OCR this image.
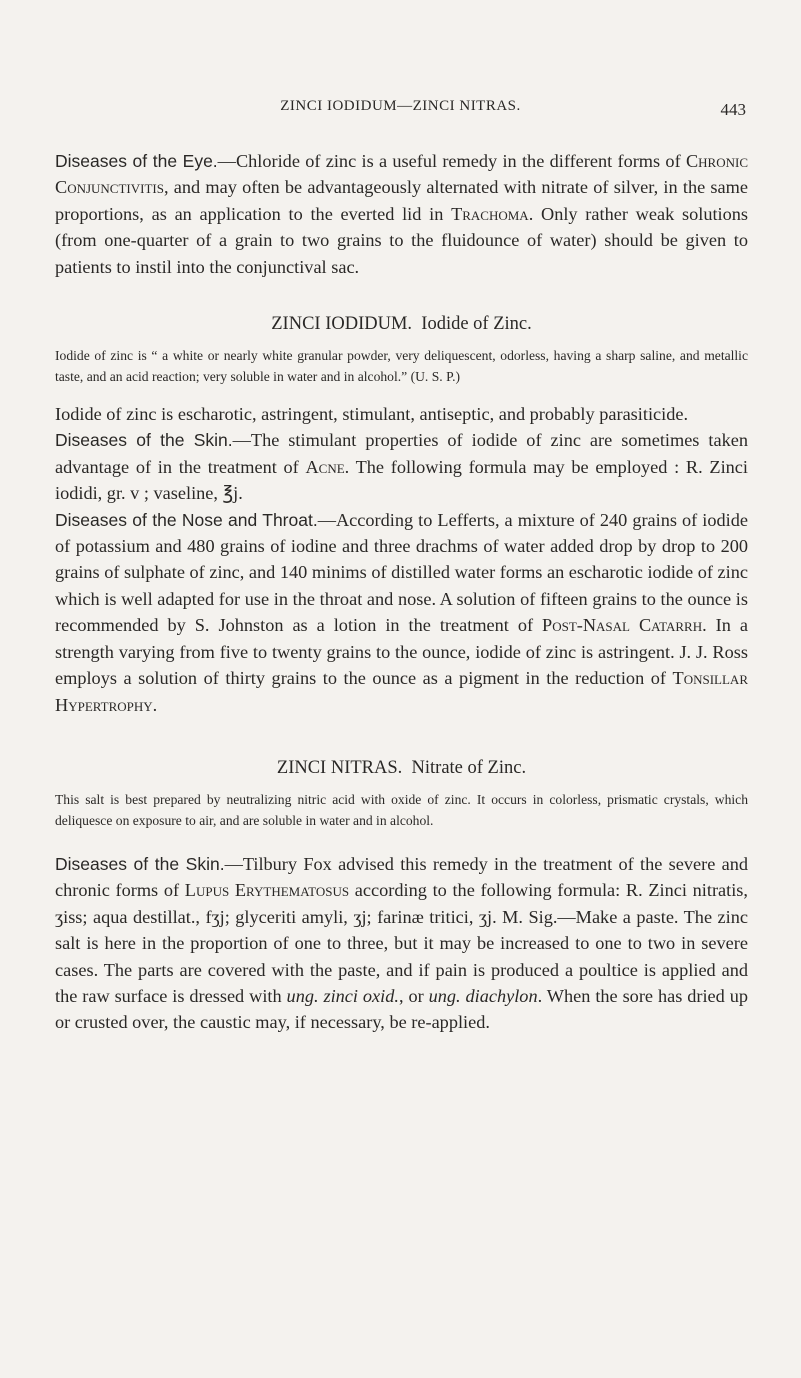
ZINCI IODIDUM—ZINCI NITRAS.	443

Diseases of the Eye.—Chloride of zinc is a useful remedy in the different forms of Chronic Conjunctivitis, and may often be advantageously alternated with nitrate of silver, in the same proportions, as an application to the everted lid in Trachoma. Only rather weak solutions (from one-quarter of a grain to two grains to the fluidounce of water) should be given to patients to instil into the conjunctival sac.

ZINCI IODIDUM. Iodide of Zinc.

Iodide of zinc is “ a white or nearly white granular powder, very deliquescent, odorless, having a sharp saline, and metallic taste, and an acid reaction; very soluble in water and in alcohol.” (U. S. P.)

Iodide of zinc is escharotic, astringent, stimulant, antiseptic, and probably parasiticide.

Diseases of the Skin.—The stimulant properties of iodide of zinc are sometimes taken advantage of in the treatment of Acne. The following formula may be employed : R. Zinci iodidi, gr. v ; vaseline, ℥j.

Diseases of the Nose and Throat.—According to Lefferts, a mixture of 240 grains of iodide of potassium and 480 grains of iodine and three drachms of water added drop by drop to 200 grains of sulphate of zinc, and 140 minims of distilled water forms an escharotic iodide of zinc which is well adapted for use in the throat and nose. A solution of fifteen grains to the ounce is recommended by S. Johnston as a lotion in the treatment of Post-Nasal Catarrh. In a strength varying from five to twenty grains to the ounce, iodide of zinc is astringent. J. J. Ross employs a solution of thirty grains to the ounce as a pigment in the reduction of Tonsillar Hypertrophy.

ZINCI NITRAS. Nitrate of Zinc.

This salt is best prepared by neutralizing nitric acid with oxide of zinc. It occurs in colorless, prismatic crystals, which deliquesce on exposure to air, and are soluble in water and in alcohol.

Diseases of the Skin.—Tilbury Fox advised this remedy in the treatment of the severe and chronic forms of Lupus Erythematosus according to the following formula: R. Zinci nitratis, ʒiss; aqua destillat., fʒj; glyceriti amyli, ʒj; farinæ tritici, ʒj. M. Sig.—Make a paste. The zinc salt is here in the proportion of one to three, but it may be increased to one to two in severe cases. The parts are covered with the paste, and if pain is produced a poultice is applied and the raw surface is dressed with ung. zinci oxid., or ung. diachylon. When the sore has dried up or crusted over, the caustic may, if necessary, be re-applied.
